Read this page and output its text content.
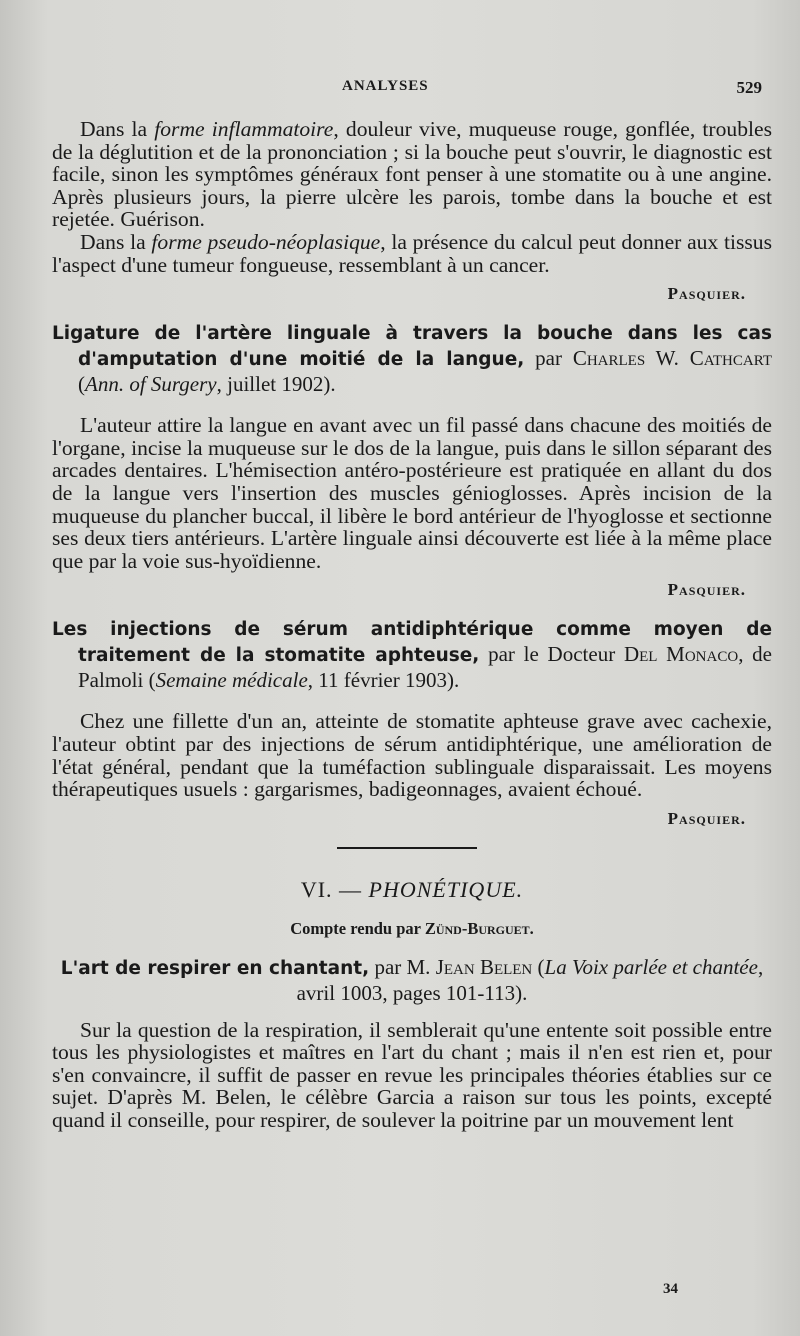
ANALYSES	529

Dans la forme inflammatoire, douleur vive, muqueuse rouge, gonflée, troubles de la déglutition et de la prononciation ; si la bouche peut s'ouvrir, le diagnostic est facile, sinon les symptômes généraux font penser à une stomatite ou à une angine. Après plusieurs jours, la pierre ulcère les parois, tombe dans la bouche et est rejetée. Guérison.

Dans la forme pseudo-néoplasique, la présence du calcul peut donner aux tissus l'aspect d'une tumeur fongueuse, ressemblant à un cancer.

Pasquier.

Ligature de l'artère linguale à travers la bouche dans les cas d'amputation d'une moitié de la langue, par Charles W. Cathcart (Ann. of Surgery, juillet 1902).

L'auteur attire la langue en avant avec un fil passé dans chacune des moitiés de l'organe, incise la muqueuse sur le dos de la langue, puis dans le sillon séparant des arcades dentaires. L'hémisection antéro-postérieure est pratiquée en allant du dos de la langue vers l'insertion des muscles génioglosses. Après incision de la muqueuse du plancher buccal, il libère le bord antérieur de l'hyoglosse et sectionne ses deux tiers antérieurs. L'artère linguale ainsi découverte est liée à la même place que par la voie sus-hyoïdienne.

Pasquier.

Les injections de sérum antidiphtérique comme moyen de traitement de la stomatite aphteuse, par le Docteur Del Monaco, de Palmoli (Semaine médicale, 11 février 1903).

Chez une fillette d'un an, atteinte de stomatite aphteuse grave avec cachexie, l'auteur obtint par des injections de sérum antidiphtérique, une amélioration de l'état général, pendant que la tuméfaction sublinguale disparaissait. Les moyens thérapeutiques usuels : gargarismes, badigeonnages, avaient échoué.

Pasquier.
VI. — PHONÉTIQUE.
Compte rendu par Zünd-Burguet.

L'art de respirer en chantant, par M. Jean Belen (La Voix parlée et chantée, avril 1003, pages 101-113).

Sur la question de la respiration, il semblerait qu'une entente soit possible entre tous les physiologistes et maîtres en l'art du chant ; mais il n'en est rien et, pour s'en convaincre, il suffit de passer en revue les principales théories établies sur ce sujet. D'après M. Belen, le célèbre Garcia a raison sur tous les points, excepté quand il conseille, pour respirer, de soulever la poitrine par un mouvement lent

34
